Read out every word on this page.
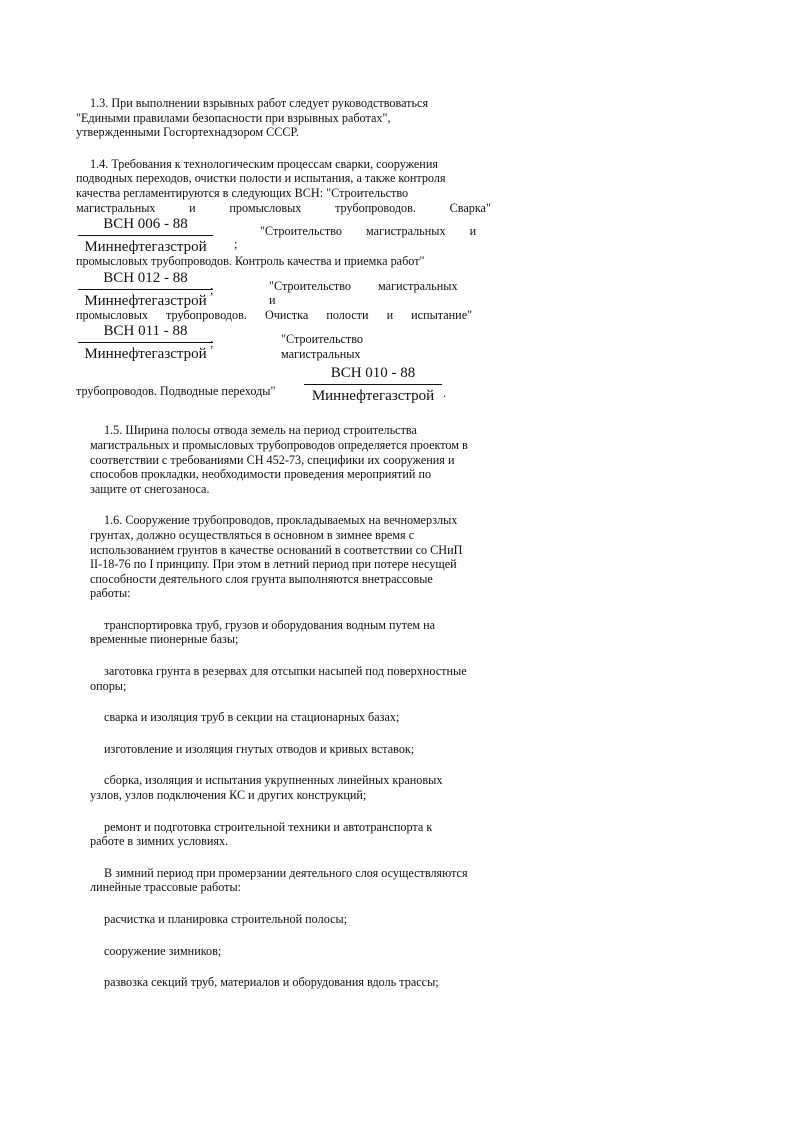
1.3. При выполнении взрывных работ следует руководствоваться
"Едиными правилами безопасности при взрывных работах",
утвержденными Госгортехнадзором СССР.
1.4. Требования к технологическим процессам сварки, сооружения
подводных переходов, очистки полости и испытания, а также контроля
качества регламентируются в следующих ВСН: "Строительство
магистральных	и	промысловых	трубопроводов.	Сварка"
ВСН 006 - 88
Миннефтегазстрой	;
"Строительство магистральных и
промысловых трубопроводов. Контроль качества и приемка работ"
ВСН 012 - 88
Миннефтегазстрой
;	"Строительство магистральных и
промысловых трубопроводов. Очистка полости и испытание"
ВСН 011 - 88
Миннефтегазстрой
;	"Строительство магистральных
трубопроводов. Подводные переходы"
ВСН 010 - 88
Миннефтегазстрой .
1.5. Ширина полосы отвода земель на период строительства
магистральных и промысловых трубопроводов определяется проектом в
соответствии с требованиями СН 452-73, специфики их сооружения и
способов прокладки, необходимости проведения мероприятий по
защите от снегозаноса.
1.6. Сооружение трубопроводов, прокладываемых на вечномерзлых
грунтах, должно осуществляться в основном в зимнее время с
использованием грунтов в качестве оснований в соответствии со СНиП
II-18-76 по I принципу. При этом в летний период при потере несущей
способности деятельного слоя грунта выполняются внетрассовые
работы:
транспортировка труб, грузов и оборудования водным путем на
временные пионерные базы;
заготовка грунта в резервах для отсыпки насыпей под поверхностные
опоры;
сварка и изоляция труб в секции на стационарных базах;
изготовление и изоляция гнутых отводов и кривых вставок;
сборка, изоляция и испытания укрупненных линейных крановых
узлов, узлов подключения КС и других конструкций;
ремонт и подготовка строительной техники и автотранспорта к
работе в зимних условиях.
В зимний период при промерзании деятельного слоя осуществляются
линейные трассовые работы:
расчистка и планировка строительной полосы;
сооружение зимников;
развозка секций труб, материалов и оборудования вдоль трассы;
